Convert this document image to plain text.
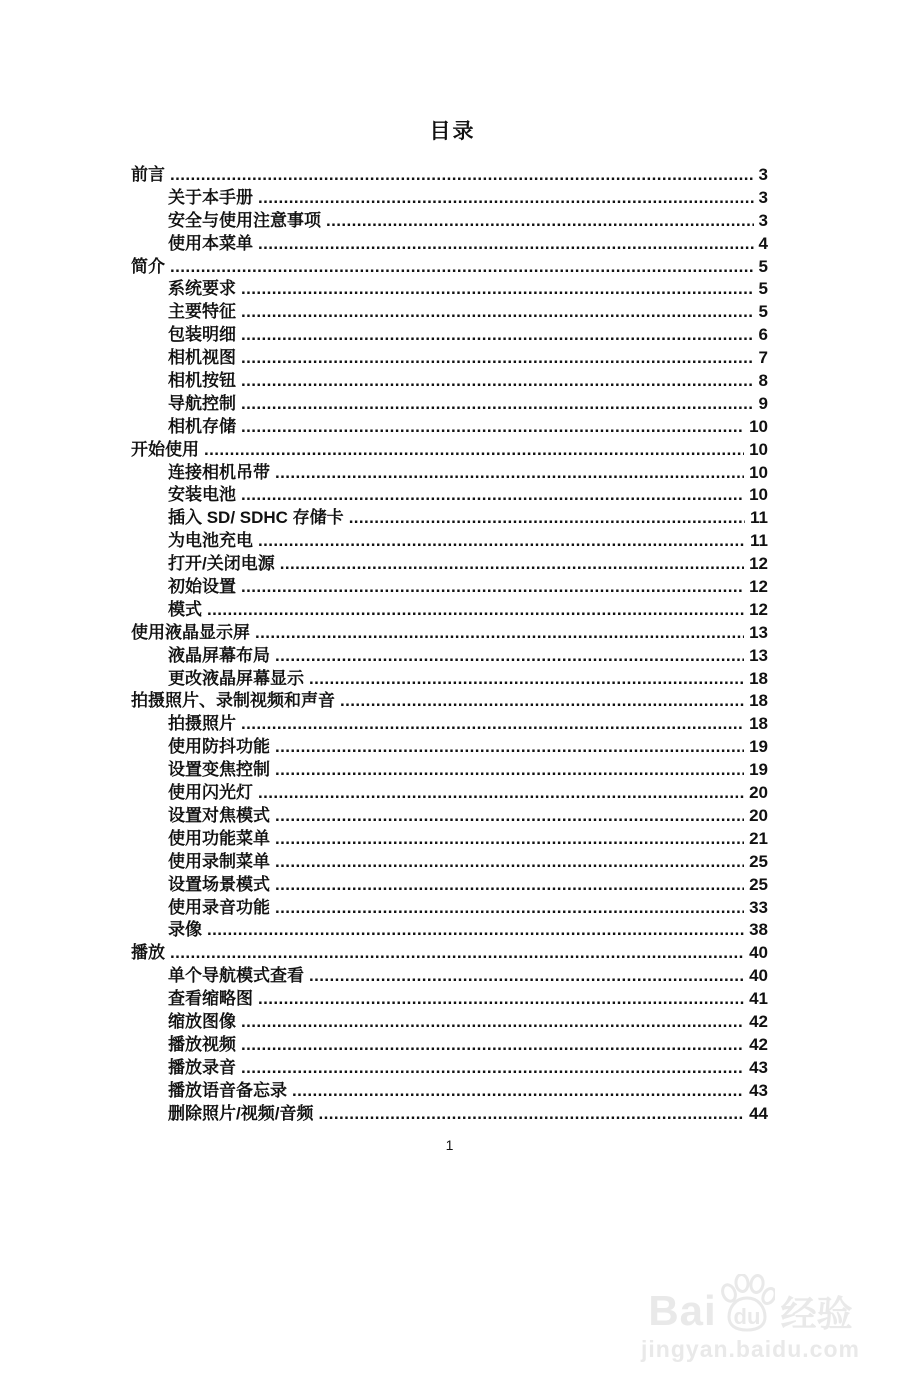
目录
前言 .....	3
关于本手册 .....	3
安全与使用注意事项 .....	3
使用本菜单 .....	4
简介 .....	5
系统要求 .....	5
主要特征 .....	5
包装明细 .....	6
相机视图 .....	7
相机按钮 .....	8
导航控制 .....	9
相机存储 .....	10
开始使用 .....	10
连接相机吊带 .....	10
安装电池 .....	10
插入 SD/ SDHC 存储卡 .....	11
为电池充电 .....	11
打开/关闭电源 .....	12
初始设置 .....	12
模式 .....	12
使用液晶显示屏 .....	13
液晶屏幕布局 .....	13
更改液晶屏幕显示 .....	18
拍摄照片、录制视频和声音 .....	18
拍摄照片 .....	18
使用防抖功能 .....	19
设置变焦控制 .....	19
使用闪光灯 .....	20
设置对焦模式 .....	20
使用功能菜单 .....	21
使用录制菜单 .....	25
设置场景模式 .....	25
使用录音功能 .....	33
录像 .....	38
播放 .....	40
单个导航模式查看 .....	40
查看缩略图 .....	41
缩放图像 .....	42
播放视频 .....	42
播放录音 .....	43
播放语音备忘录 .....	43
删除照片/视频/音频 .....	44
1
Bai du 经验
jingyan.baidu.com
